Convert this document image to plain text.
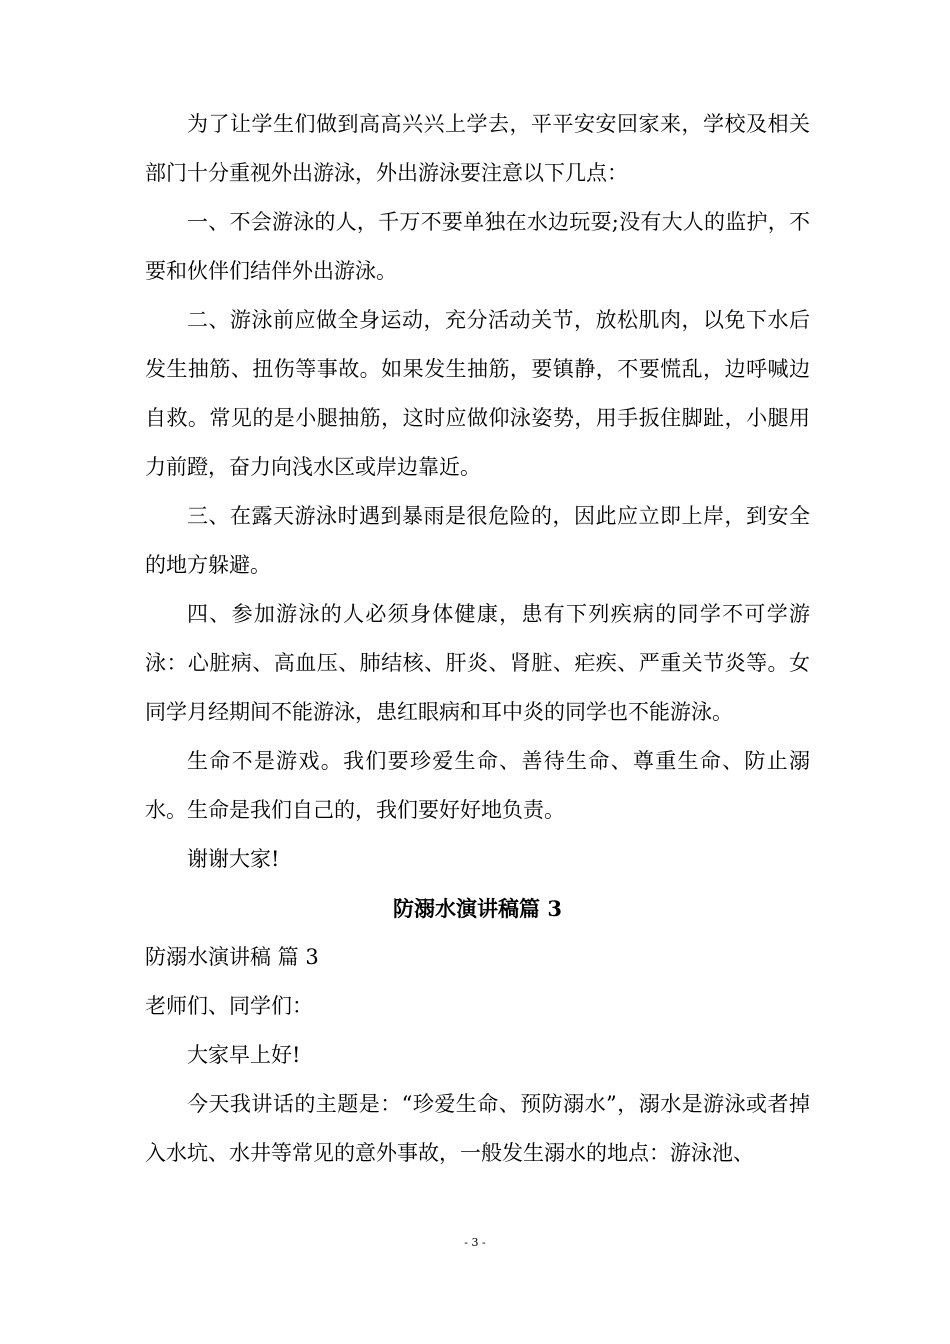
为了让学生们做到高高兴兴上学去，平平安安回家来，学校及相关部门十分重视外出游泳，外出游泳要注意以下几点：

一、不会游泳的人，千万不要单独在水边玩耍;没有大人的监护，不要和伙伴们结伴外出游泳。

二、游泳前应做全身运动，充分活动关节，放松肌肉，以免下水后发生抽筋、扭伤等事故。如果发生抽筋，要镇静，不要慌乱，边呼喊边自救。常见的是小腿抽筋，这时应做仰泳姿势，用手扳住脚趾，小腿用力前蹬，奋力向浅水区或岸边靠近。

三、在露天游泳时遇到暴雨是很危险的，因此应立即上岸，到安全的地方躲避。

四、参加游泳的人必须身体健康，患有下列疾病的同学不可学游泳：心脏病、高血压、肺结核、肝炎、肾脏、疟疾、严重关节炎等。女同学月经期间不能游泳，患红眼病和耳中炎的同学也不能游泳。

生命不是游戏。我们要珍爱生命、善待生命、尊重生命、防止溺水。生命是我们自己的，我们要好好地负责。

谢谢大家!

防溺水演讲稿篇 3

防溺水演讲稿 篇 3

老师们、同学们：

大家早上好!

今天我讲话的主题是：“珍爱生命、预防溺水”，溺水是游泳或者掉入水坑、水井等常见的意外事故，一般发生溺水的地点：游泳池、

- 3 -
